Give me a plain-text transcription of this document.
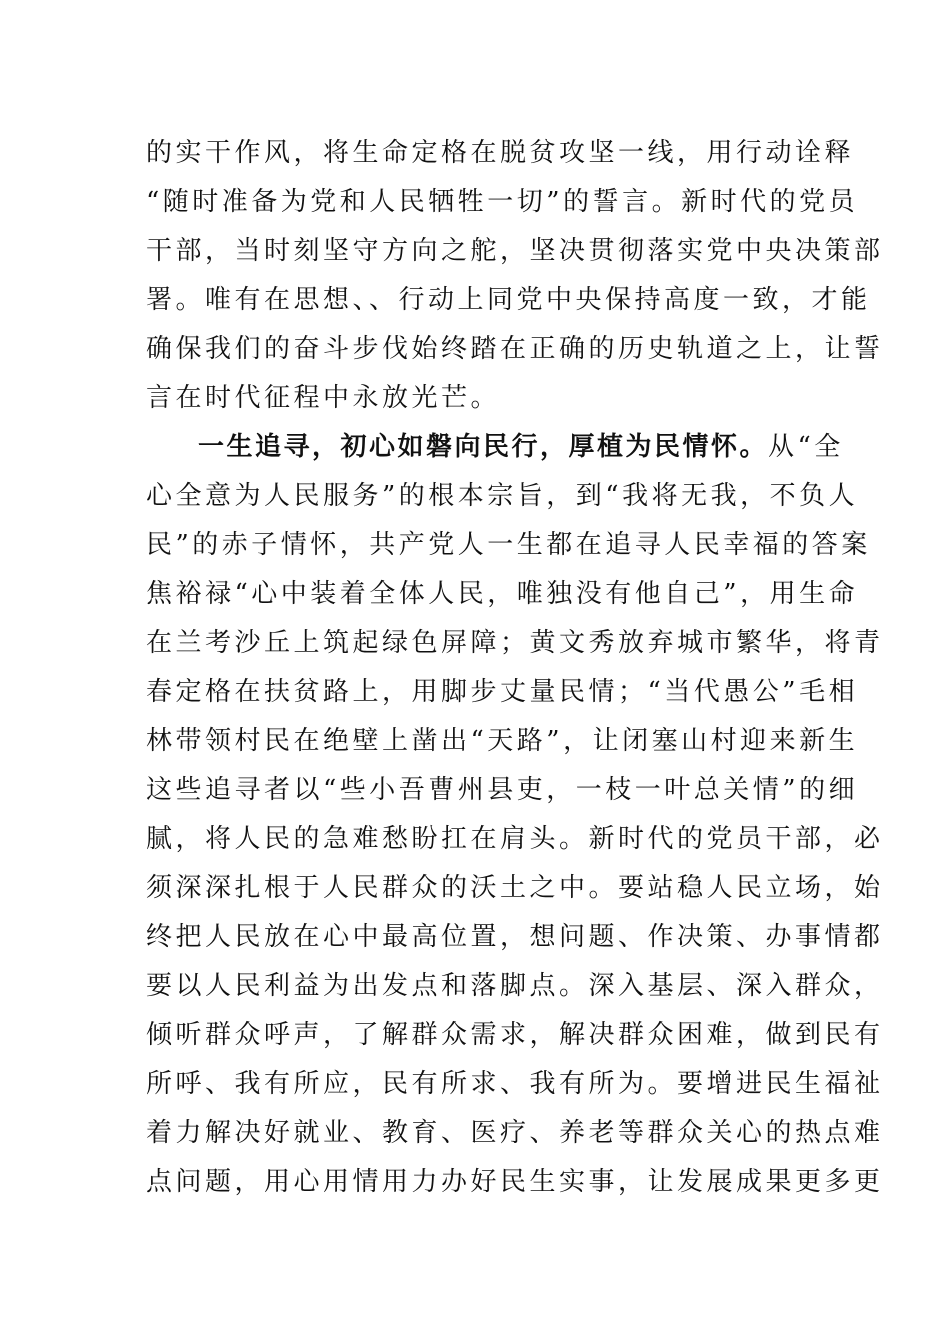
的实干作风，将生命定格在脱贫攻坚一线，用行动诠释
“随时准备为党和人民牺牲一切”的誓言。新时代的党员
干部，当时刻坚守方向之舵，坚决贯彻落实党中央决策部
署。唯有在思想、、行动上同党中央保持高度一致，才能
确保我们的奋斗步伐始终踏在正确的历史轨道之上，让誓
言在时代征程中永放光芒。
一生追寻，初心如磐向民行，厚植为民情怀。从“全
心全意为人民服务”的根本宗旨，到“我将无我，不负人
民”的赤子情怀，共产党人一生都在追寻人民幸福的答案
焦裕禄“心中装着全体人民，唯独没有他自己”，用生命
在兰考沙丘上筑起绿色屏障；黄文秀放弃城市繁华，将青
春定格在扶贫路上，用脚步丈量民情；“当代愚公”毛相
林带领村民在绝壁上凿出“天路”，让闭塞山村迎来新生
这些追寻者以“些小吾曹州县吏，一枝一叶总关情”的细
腻，将人民的急难愁盼扛在肩头。新时代的党员干部，必
须深深扎根于人民群众的沃土之中。要站稳人民立场，始
终把人民放在心中最高位置，想问题、作决策、办事情都
要以人民利益为出发点和落脚点。深入基层、深入群众，
倾听群众呼声，了解群众需求，解决群众困难，做到民有
所呼、我有所应，民有所求、我有所为。要增进民生福祉
着力解决好就业、教育、医疗、养老等群众关心的热点难
点问题，用心用情用力办好民生实事，让发展成果更多更
